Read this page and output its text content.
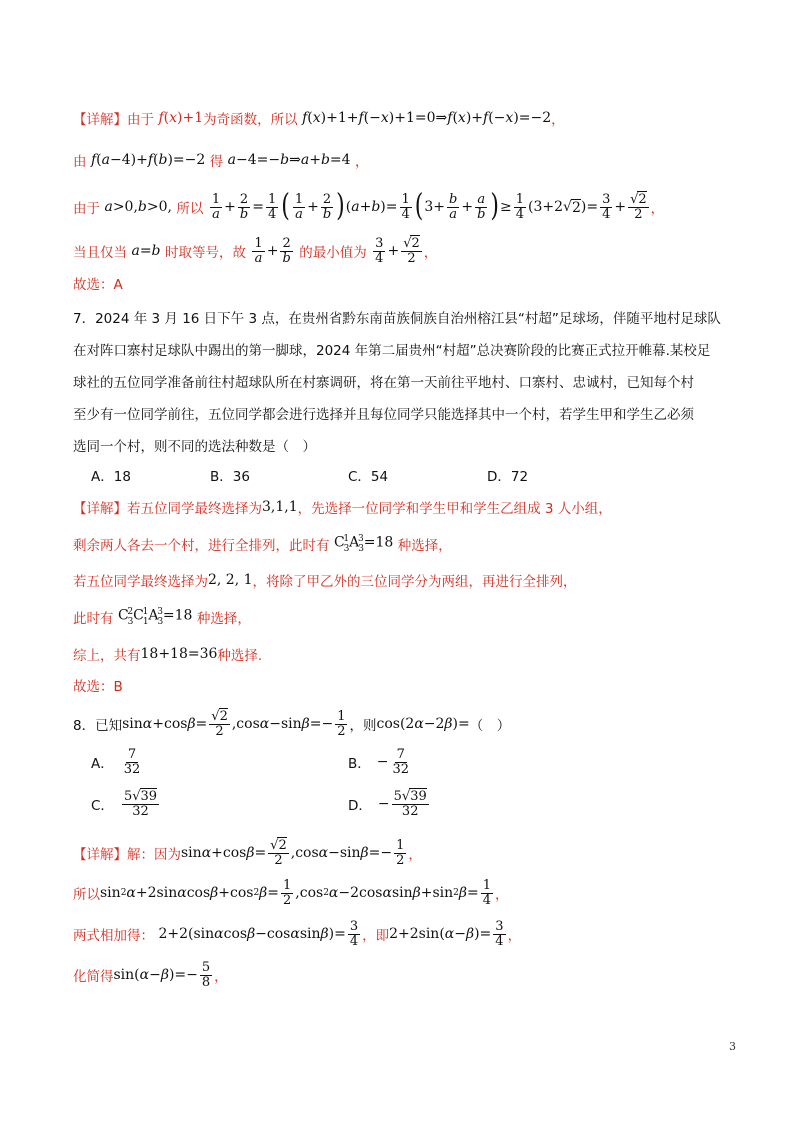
【详解】 由于 f(x)+1 为奇函数，所以 f(x)+1+f(−x)+1=0⇒f(x)+f(−x)=−2 ，
由 f(a−4)+f(b)=−2 得 a−4=−b⇒a+b=4 ，
由于 a>0,b>0, 所以
$\frac{1}{a} + \frac{2}{b} = \frac{1}{4}$ ( $\frac{1}{a} + \frac{2}{b}$ ) ( a + b )= $\frac{1}{4}$ ( $3+ \frac{b}{a} + \frac{a}{b}$ ) ≥ $\frac{1}{4} (3+2√$ 2 )= $\frac{3}{4} + \frac{√2}{2}$ ，
当且仅当 a=b 时取等号，故
$\frac{1}{a} + \frac{2}{b}$
的最小值为
$\frac{3}{4} + \frac{√2}{2}$ ，
故选：A
7．2024 年 3 月 16 日下午 3 点，在贵州省黔东南苗族侗族自治州榕江县“村超”足球场，伴随平地村足球队
在对阵口寨村足球队中踢出的第一脚球，2024 年第二届贵州“村超”总决赛阶段的比赛正式拉开帷幕.某校足
球社的五位同学准备前往村超球队所在村寨调研，将在第一天前往平地村、口寨村、忠诚村，已知每个村
至少有一位同学前往，五位同学都会进行选择并且每位同学只能选择其中一个村，若学生甲和学生乙必须
选同一个村，则不同的选法种数是（　）
A．18	B．36	C．54	D．72
【详解】 若五位同学最终选择为 3,1,1 ，先选择一位同学和学生甲和学生乙组成 3 人小组，
剩余两人各去一个村，进行全排列，此时有 $C_3^1A_3^3=18$ 种选择，
若五位同学最终选择为 2, 2, 1 ，将除了甲乙外的三位同学分为两组，再进行全排列，
此时有 $C_3^2C_1^1A_3^3=18$ 种选择，
综上，共有 18+18=36 种选择.
故选：B
8．已知 sin α +cos $\beta = \frac{√2}{2} ,\cos$ α −sin $\beta =- \frac{1}{2}$ ，则 cos(2α−2β)= （　）
A． $\frac{7}{32}$	B． − $\frac{7}{32}$
C． $\frac{5√39}{32}$	D． − $\frac{5√39}{32}$
【详解】 解：因为 sin α +cos $\beta = \frac{√2}{2} ,\cos$ α −sin $\beta =- \frac{1}{2}$ ，
所以 sin 2 α +2sin α cos β +cos 2 $\beta = \frac{1}{2} ,\cos$ 2 α −2cos α sin β +sin 2 $\beta = \frac{1}{4}$ ，
两式相加得： 2+2(sin α cos β −cos α sin β )= $\frac{3}{4}$ ，即 2+2sin( α − β )= $\frac{3}{4}$ ，
化简得 sin( α − β )=− $\frac{5}{8}$ ，
3
